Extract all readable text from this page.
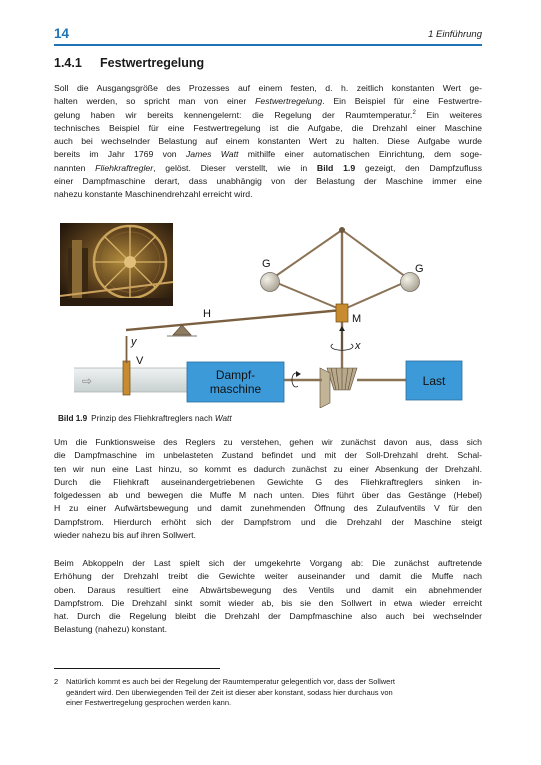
14	1 Einführung
1.4.1 Festwertregelung
Soll die Ausgangsgröße des Prozesses auf einem festen, d. h. zeitlich konstanten Wert ge-
halten werden, so spricht man von einer Festwertregelung. Ein Beispiel für eine Festwertre-
gelung haben wir bereits kennengelernt: die Regelung der Raumtemperatur.$^2$ Ein weiteres
technisches Beispiel für eine Festwertregelung ist die Aufgabe, die Drehzahl einer Maschine
auch bei wechselnder Belastung auf einem konstanten Wert zu halten. Diese Aufgabe wurde
bereits im Jahr 1769 von James Watt mithilfe einer automatischen Einrichtung, dem soge-
nannten Fliehkraftregler, gelöst. Dieser verstellt, wie in Bild 1.9 gezeigt, den Dampfzufluss
einer Dampfmaschine derart, dass unabhängig von der Belastung der Maschine immer eine
nahezu konstante Maschinendrehzahl erreicht wird.
⇨
V
y
H
G	G
M
x
Dampf-
maschine
Last
Bild 1.9 Prinzip des Fliehkraftreglers nach Watt
Um die Funktionsweise des Reglers zu verstehen, gehen wir zunächst davon aus, dass sich
die Dampfmaschine im unbelasteten Zustand befindet und mit der Soll-Drehzahl dreht. Schal-
ten wir nun eine Last hinzu, so kommt es dadurch zunächst zu einer Absenkung der Drehzahl.
Durch die Fliehkraft auseinandergetriebenen Gewichte G des Fliehkraftreglers sinken in-
folgedessen ab und bewegen die Muffe M nach unten. Dies führt über das Gestänge (Hebel)
H zu einer Aufwärtsbewegung und damit zunehmenden Öffnung des Zulaufventils V für den
Dampfstrom. Hierdurch erhöht sich der Dampfstrom und die Drehzahl der Maschine steigt
wieder nahezu bis auf ihren Sollwert.
Beim Abkoppeln der Last spielt sich der umgekehrte Vorgang ab: Die zunächst auftretende
Erhöhung der Drehzahl treibt die Gewichte weiter auseinander und damit die Muffe nach
oben. Daraus resultiert eine Abwärtsbewegung des Ventils und damit ein abnehmender
Dampfstrom. Die Drehzahl sinkt somit wieder ab, bis sie den Sollwert in etwa wieder erreicht
hat. Durch die Regelung bleibt die Drehzahl der Dampfmaschine also auch bei wechselnder
Belastung (nahezu) konstant.
2 Natürlich kommt es auch bei der Regelung der Raumtemperatur gelegentlich vor, dass der Sollwert
geändert wird. Den überwiegenden Teil der Zeit ist dieser aber konstant, sodass hier durchaus von
einer Festwertregelung gesprochen werden kann.
